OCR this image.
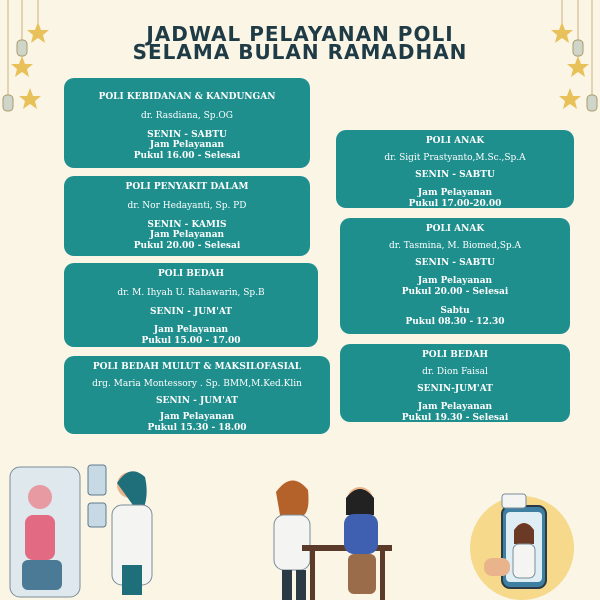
JADWAL PELAYANAN POLI
SELAMA BULAN RAMADHAN
POLI KEBIDANAN & KANDUNGAN
dr. Rasdiana, Sp.OG
SENIN - SABTU
Jam Pelayanan
Pukul 16.00 - Selesai
POLI PENYAKIT DALAM
dr. Nor Hedayanti, Sp. PD
SENIN - KAMIS
Jam Pelayanan
Pukul 20.00 - Selesai
POLI BEDAH
dr. M. Ihyah U. Rahawarin, Sp.B
SENIN - JUM'AT
Jam Pelayanan
Pukul 15.00 - 17.00
POLI BEDAH MULUT & MAKSILOFASIAL
drg. Maria Montessory . Sp. BMM,M.Ked.Klin
SENIN - JUM'AT
Jam Pelayanan
Pukul 15.30 - 18.00
POLI ANAK
dr. Sigit Prastyanto,M.Sc.,Sp.A
SENIN - SABTU
Jam Pelayanan
Pukul 17.00-20.00
POLI ANAK
dr. Tasmina, M. Biomed,Sp.A
SENIN - SABTU
Jam Pelayanan
Pukul 20.00 - Selesai
Sabtu
Pukul 08.30 - 12.30
POLI BEDAH
dr. Dion Faisal
SENIN-JUM'AT
Jam Pelayanan
Pukul 19.30 - Selesai
